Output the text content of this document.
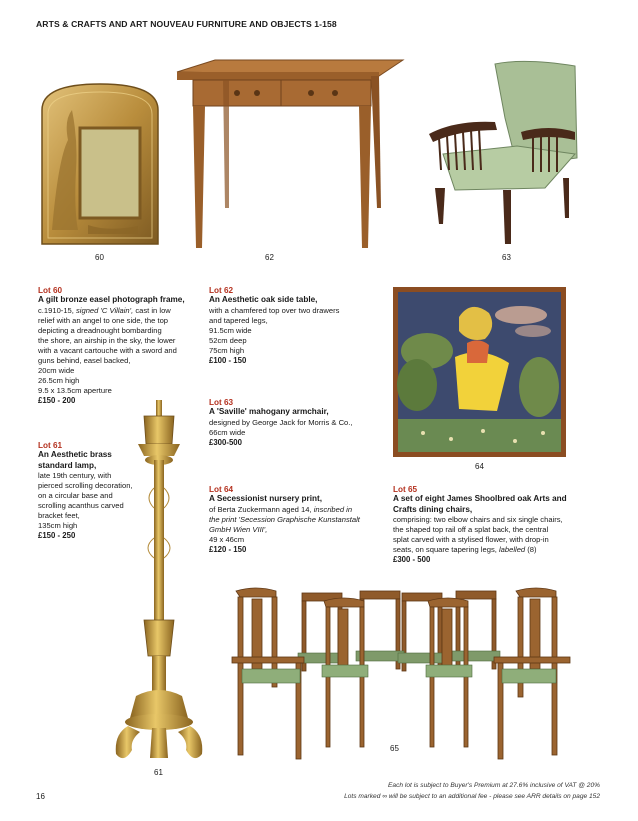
ARTS & CRAFTS AND ART NOUVEAU FURNITURE AND OBJECTS 1-158
60	62	63
Lot 60
A gilt bronze easel photograph frame,
c.1910-15, signed 'C Villain', cast in low
relief with an angel to one side, the top
depicting a dreadnought bombarding
the shore, an airship in the sky, the lower
with a vacant cartouche with a sword and
guns behind, easel backed,
20cm wide
26.5cm high
9.5 x 13.5cm aperture
£150 - 200
Lot 62
An Aesthetic oak side table,
with a chamfered top over two drawers
and tapered legs,
91.5cm wide
52cm deep
75cm high
£100 - 150
Lot 63
A 'Saville' mahogany armchair,
designed by George Jack for Morris & Co.,
66cm wide
£300-500
64
Lot 61
An Aesthetic brass
standard lamp,
late 19th century, with
pierced scrolling decoration,
on a circular base and
scrolling acanthus carved
bracket feet,
135cm high
£150 - 250
Lot 64
A Secessionist nursery print,
of Berta Zuckermann aged 14, inscribed in
the print 'Secession Graphische Kunstanstalt
GmbH Wien VIII',
49 x 46cm
£120 - 150
Lot 65
A set of eight James Shoolbred oak Arts and
Crafts dining chairs,
comprising: two elbow chairs and six single chairs,
the shaped top rail off a splat back, the central
splat carved with a stylised flower, with drop-in
seats, on square tapering legs, labelled (8)
£300 - 500
61
65
16
Each lot is subject to Buyer's Premium at 27.6% inclusive of VAT @ 20%
Lots marked ∞ will be subject to an additional fee - please see ARR details on page 152
